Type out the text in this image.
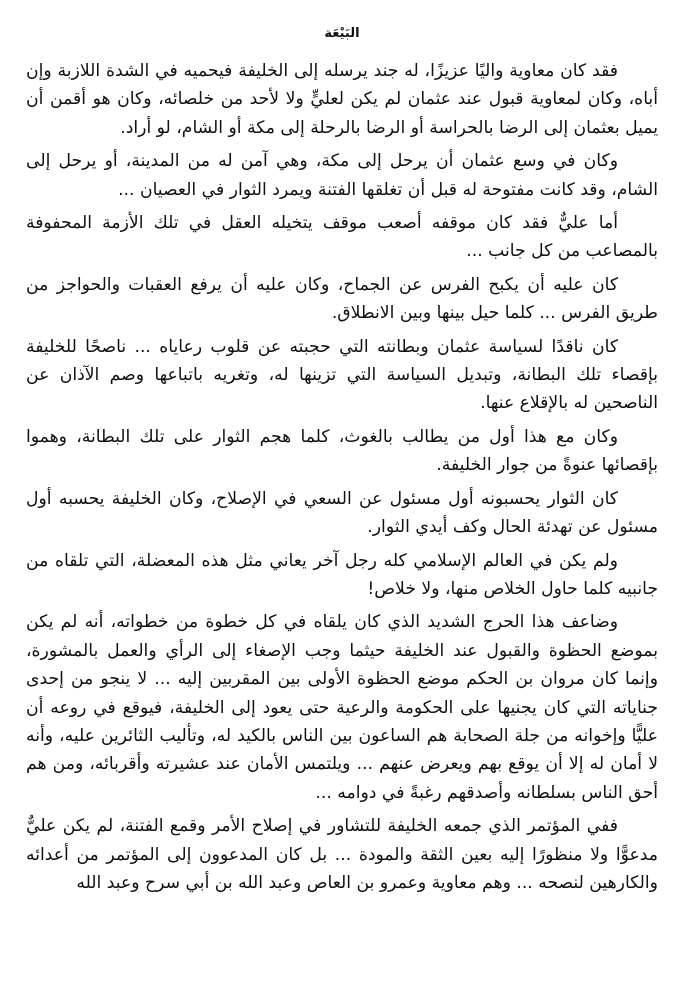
البَيْعَة

فقد كان معاوية واليًا عزيزًا، له جند يرسله إلى الخليفة فيحميه في الشدة اللازبة وإن أباه، وكان لمعاوية قبول عند عثمان لم يكن لعليٍّ ولا لأحد من خلصائه، وكان هو أقمن أن يميل بعثمان إلى الرضا بالحراسة أو الرضا بالرحلة إلى مكة أو الشام، لو أراد.

وكان في وسع عثمان أن يرحل إلى مكة، وهي آمن له من المدينة، أو يرحل إلى الشام، وقد كانت مفتوحة له قبل أن تغلقها الفتنة ويمرد الثوار في العصيان ...

أما عليٌّ فقد كان موقفه أصعب موقف يتخيله العقل في تلك الأزمة المحفوفة بالمصاعب من كل جانب ...

كان عليه أن يكبح الفرس عن الجماح، وكان عليه أن يرفع العقبات والحواجز من طريق الفرس ... كلما حيل بينها وبين الانطلاق.

كان ناقدًا لسياسة عثمان وبطانته التي حجبته عن قلوب رعاياه ... ناصحًا للخليفة بإقصاء تلك البطانة، وتبديل السياسة التي تزينها له، وتغريه باتباعها وصم الآذان عن الناصحين له بالإقلاع عنها.

وكان مع هذا أول من يطالب بالغوث، كلما هجم الثوار على تلك البطانة، وهموا بإقصائها عنوةً من جوار الخليفة.

كان الثوار يحسبونه أول مسئول عن السعي في الإصلاح، وكان الخليفة يحسبه أول مسئول عن تهدئة الحال وكف أيدي الثوار.

ولم يكن في العالم الإسلامي كله رجل آخر يعاني مثل هذه المعضلة، التي تلقاه من جانبيه كلما حاول الخلاص منها، ولا خلاص!

وضاعف هذا الحرج الشديد الذي كان يلقاه في كل خطوة من خطواته، أنه لم يكن بموضع الحظوة والقبول عند الخليفة حيثما وجب الإصغاء إلى الرأي والعمل بالمشورة، وإنما كان مروان بن الحكم موضع الحظوة الأولى بين المقربين إليه ... لا ينجو من إحدى جناياته التي كان يجنيها على الحكومة والرعية حتى يعود إلى الخليفة، فيوقع في روعه أن عليًّا وإخوانه من جلة الصحابة هم الساعون بين الناس بالكيد له، وتأليب الثائرين عليه، وأنه لا أمان له إلا أن يوقع بهم ويعرض عنهم ... ويلتمس الأمان عند عشيرته وأقربائه، ومن هم أحق الناس بسلطانه وأصدقهم رغبةً في دوامه ...

ففي المؤتمر الذي جمعه الخليفة للتشاور في إصلاح الأمر وقمع الفتنة، لم يكن عليٌّ مدعوًّا ولا منظورًا إليه بعين الثقة والمودة ... بل كان المدعوون إلى المؤتمر من أعدائه والكارهين لنصحه ... وهم معاوية وعمرو بن العاص وعبد الله بن أبي سرح وعبد الله
